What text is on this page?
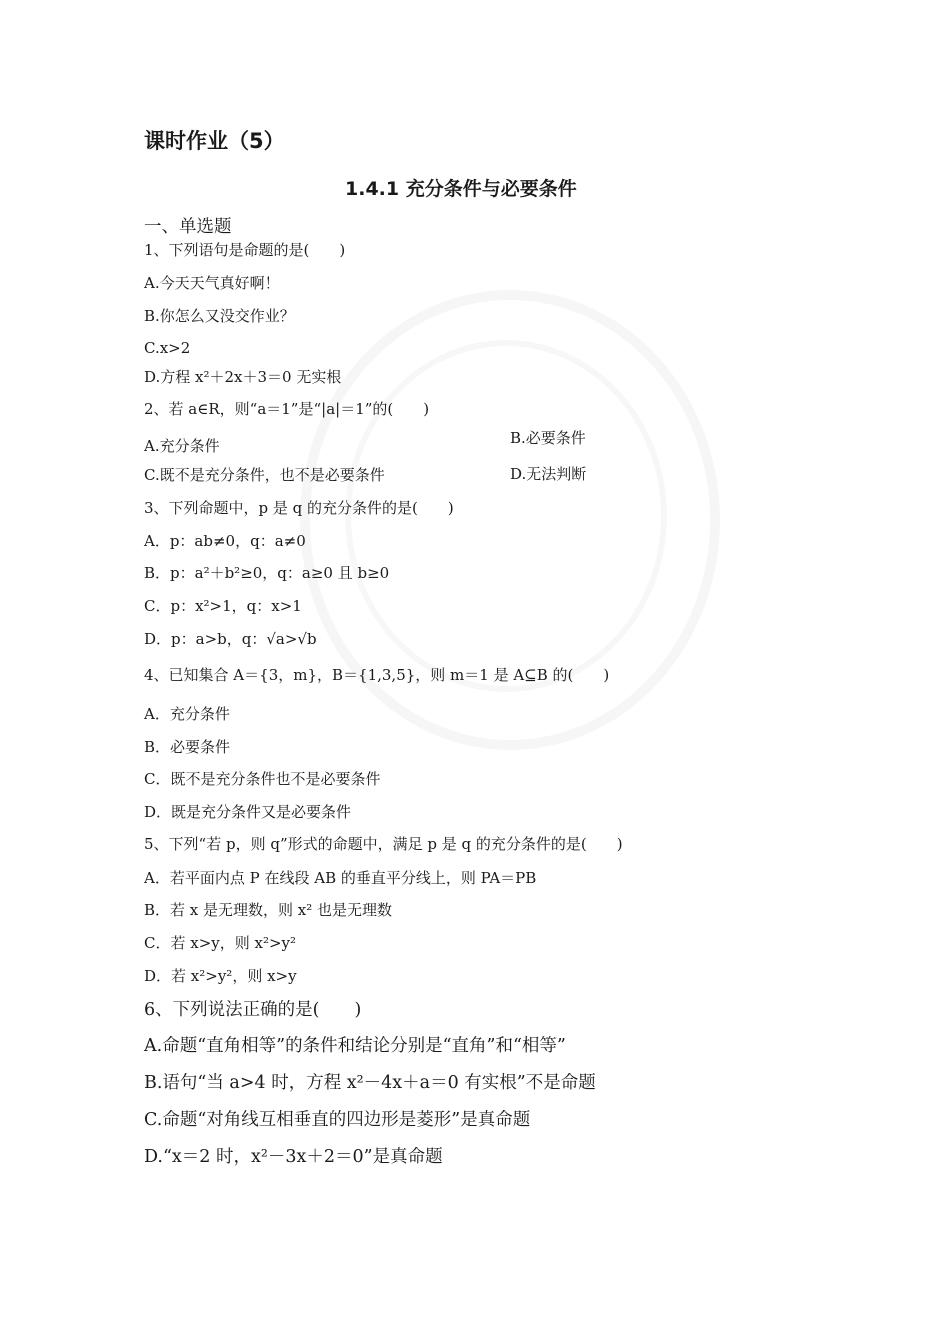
课时作业（5）
1.4.1 充分条件与必要条件
一、单选题
1、下列语句是命题的是(　　)
A.今天天气真好啊！
B.你怎么又没交作业？
C.x>2
D.方程 x²＋2x＋3＝0 无实根
2、若 a∈R，则“a＝1”是“|a|＝1”的(　　)
A.充分条件	B.必要条件
C.既不是充分条件，也不是必要条件	D.无法判断
3、下列命题中，p 是 q 的充分条件的是(　　)
A．p：ab≠0，q：a≠0
B．p：a²＋b²≥0，q：a≥0 且 b≥0
C．p：x²>1，q：x>1
D．p：a>b，q：√a>√b
4、已知集合 A＝{3，m}，B＝{1,3,5}，则 m＝1 是 A⊆B 的(　　)
A．充分条件
B．必要条件
C．既不是充分条件也不是必要条件
D．既是充分条件又是必要条件
5、下列“若 p，则 q”形式的命题中，满足 p 是 q 的充分条件的是(　　)
A．若平面内点 P 在线段 AB 的垂直平分线上，则 PA＝PB
B．若 x 是无理数，则 x² 也是无理数
C．若 x>y，则 x²>y²
D．若 x²>y²，则 x>y
6、下列说法正确的是(　　)
A.命题“直角相等”的条件和结论分别是“直角”和“相等”
B.语句“当 a>4 时，方程 x²－4x＋a＝0 有实根”不是命题
C.命题“对角线互相垂直的四边形是菱形”是真命题
D.“x＝2 时，x²－3x＋2＝0”是真命题
